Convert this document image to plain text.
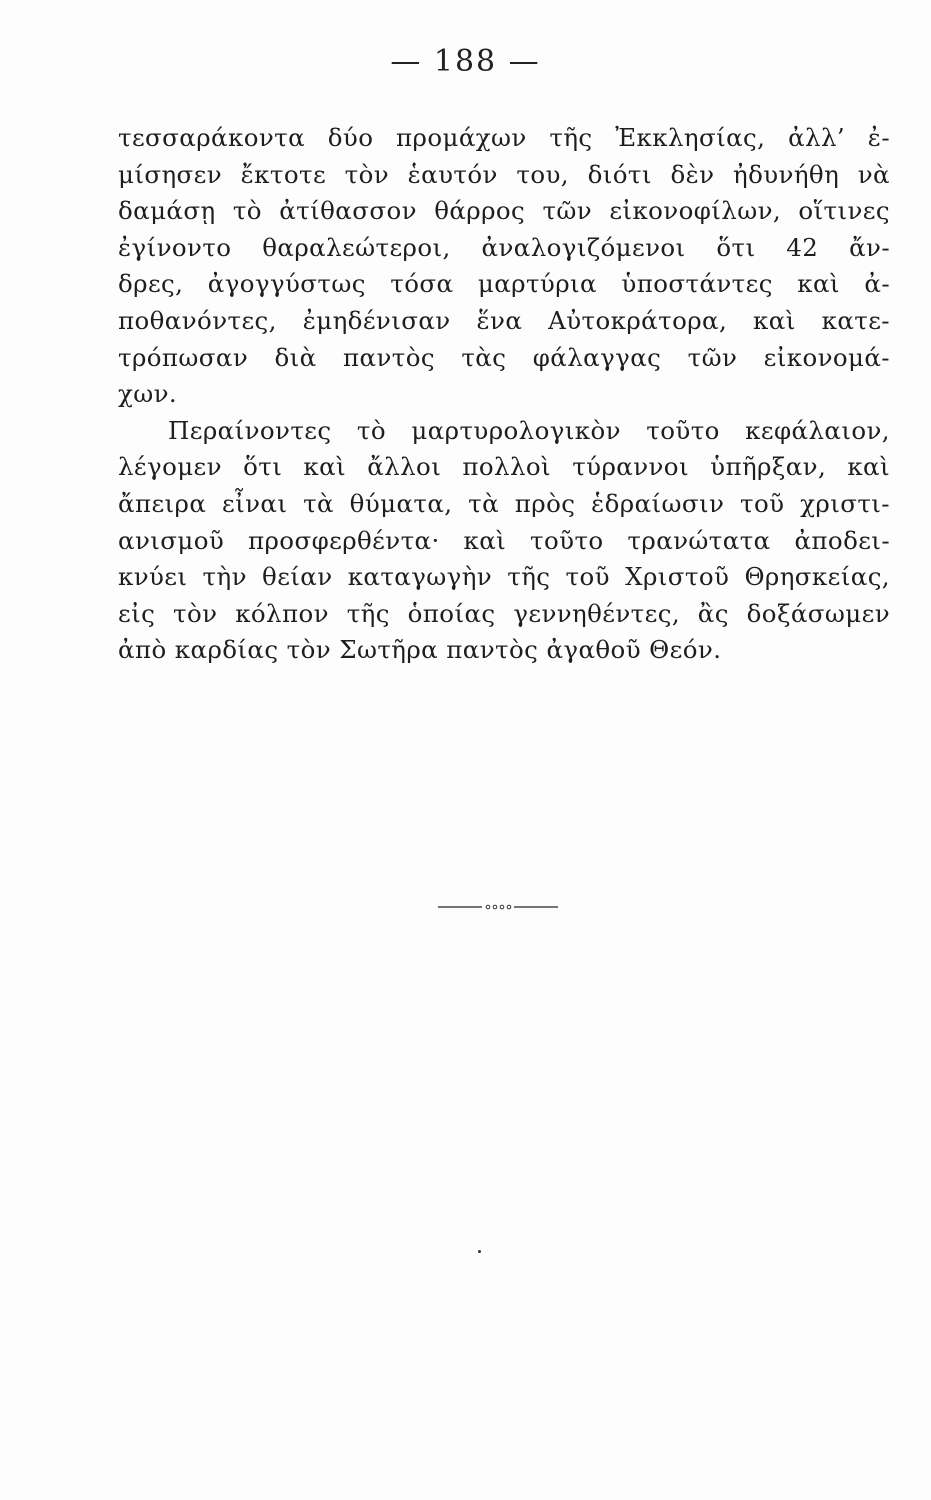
— 188 —
τεσσαράκοντα δύο προμάχων τῆς Ἐκκλησίας, ἀλλ’ ἐ-
μίσησεν ἔκτοτε τὸν ἑαυτόν του, διότι δὲν ἠδυνήθη νὰ
δαμάσῃ τὸ ἀτίθασσον θάρρος τῶν εἰκονοφίλων, οἵτινες
ἐγίνοντο θαραλεώτεροι, ἀναλογιζόμενοι ὅτι 42 ἄν-
δρες, ἀγογγύστως τόσα μαρτύρια ὑποστάντες καὶ ἀ-
ποθανόντες, ἐμηδένισαν ἕνα Αὐτοκράτορα, καὶ κατε-
τρόπωσαν διὰ παντὸς τὰς φάλαγγας τῶν εἰκονομά-
χων.
Περαίνοντες τὸ μαρτυρολογικὸν τοῦτο κεφάλαιον,
λέγομεν ὅτι καὶ ἄλλοι πολλοὶ τύραννοι ὑπῆρξαν, καὶ
ἄπειρα εἶναι τὰ θύματα, τὰ πρὸς ἑδραίωσιν τοῦ χριστι-
ανισμοῦ προσφερθέντα· καὶ τοῦτο τρανώτατα ἀποδει-
κνύει τὴν θείαν καταγωγὴν τῆς τοῦ Χριστοῦ Θρησκείας,
εἰς τὸν κόλπον τῆς ὁποίας γεννηθέντες, ἂς δοξάσωμεν
ἀπὸ καρδίας τὸν Σωτῆρα παντὸς ἀγαθοῦ Θεόν.
